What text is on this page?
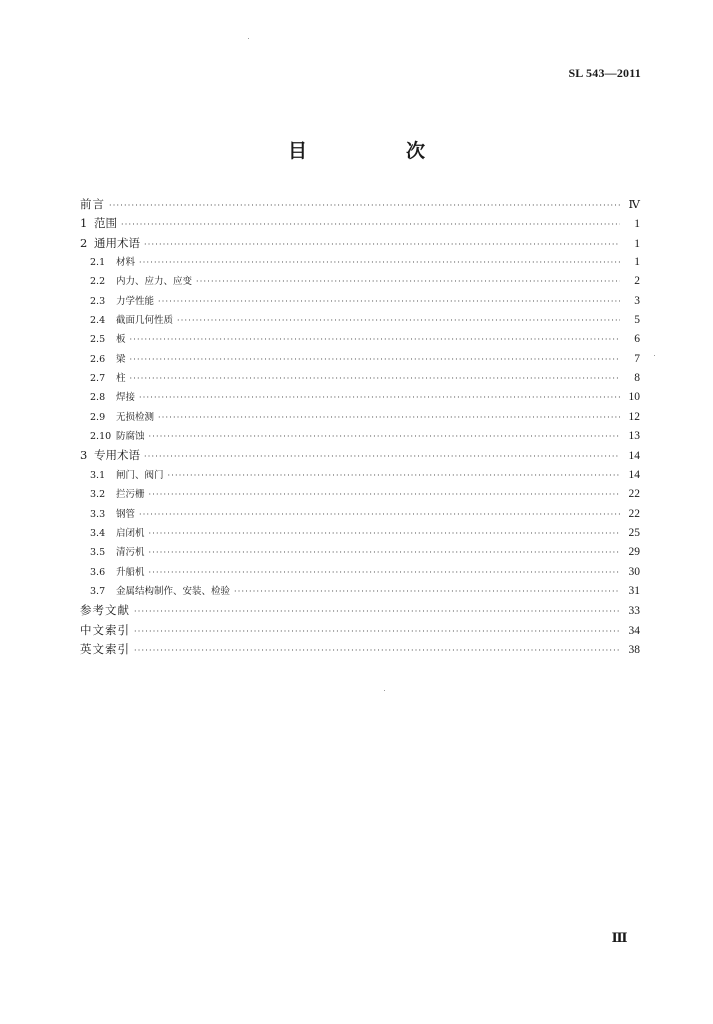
SL 543—2011
目　次
前言 ·····	Ⅳ
1 范围 ·····	1
2 通用术语 ·····	1
2.1	材料 ·····	1
2.2	内力、应力、应变 ·····	2
2.3	力学性能 ·····	3
2.4	截面几何性质 ·····	5
2.5	板 ·····	6
2.6	梁 ·····	7
2.7	柱 ·····	8
2.8	焊接 ·····	10
2.9	无损检测 ·····	12
2.10 防腐蚀 ·····	13
3 专用术语 ·····	14
3.1	闸门、阀门 ·····	14
3.2	拦污栅 ·····	22
3.3	钢管 ·····	22
3.4	启闭机 ·····	25
3.5	清污机 ·····	29
3.6	升船机 ·····	30
3.7	金属结构制作、安装、检验 ·····	31
参考文献 ·····	33
中文索引 ·····	34
英文索引 ·····	38
Ⅲ
